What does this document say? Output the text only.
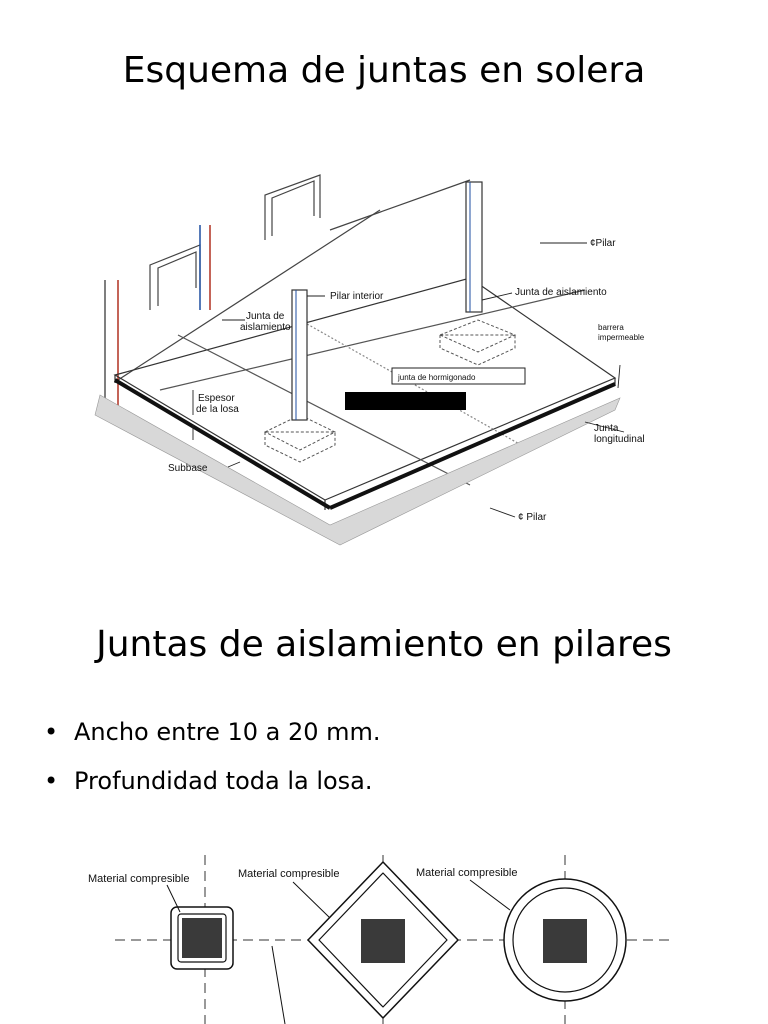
Esquema de juntas en solera
¢Pilar
Pilar interior	Junta de aislamiento
Junta de
aislamiento	barrera
impermeable
junta de hormigonado
Espesor
de la losa
Junta
longitudinal
Subbase
¢ Pilar
Juntas de aislamiento en pilares
• Ancho entre 10 a 20 mm.
• Profundidad toda la losa.
Material compresible	Material compresible	Material compresible
